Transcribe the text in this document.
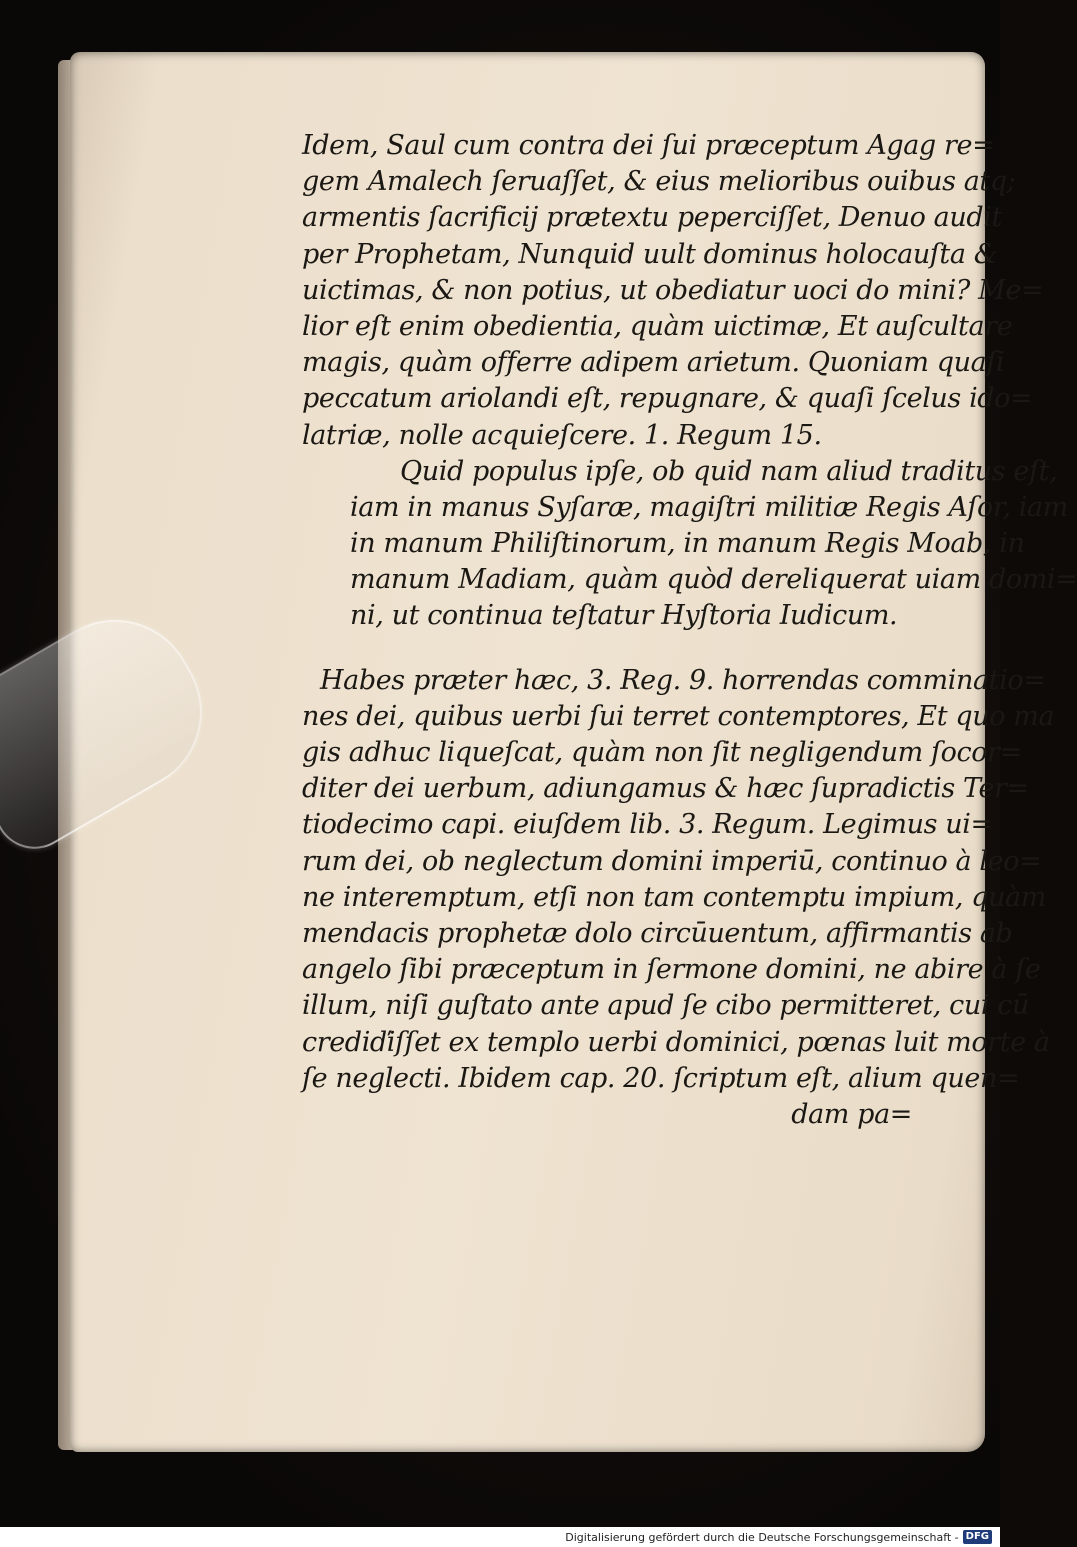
Idem, Saul cum contra dei ſui præceptum Agag re=
gem Amalech ſeruaſſet, & eius melioribus ouibus atq;
armentis ſacrificij prætextu peperciſſet, Denuo audit
per Prophetam, Nunquid uult dominus holocauſta &
uictimas, & non potius, ut obediatur uoci do mini? Me=
lior eſt enim obedientia, quàm uictimæ, Et auſcultare
magis, quàm offerre adipem arietum. Quoniam quaſi
peccatum ariolandi eſt, repugnare, & quaſi ſcelus ido=
latriæ, nolle acquieſcere. 1. Regum 15.
Quid populus ipſe, ob quid nam aliud traditus eſt,
iam in manus Syſaræ, magiſtri militiæ Regis Aſor, iam
in manum Philiſtinorum, in manum Regis Moab, in
manum Madiam, quàm quòd dereliquerat uiam domi=
ni, ut continua teſtatur Hyſtoria Iudicum.
Habes præter hæc, 3. Reg. 9. horrendas comminatio=
nes dei, quibus uerbi ſui terret contemptores, Et quo ma
gis adhuc liqueſcat, quàm non ſit negligendum ſocor=
diter dei uerbum, adiungamus & hæc ſupradictis Ter=
tiodecimo capi. eiuſdem lib. 3. Regum. Legimus ui=
rum dei, ob neglectum domini imperiū, continuo à leo=
ne interemptum, etſi non tam contemptu impium, quàm
mendacis prophetæ dolo circūuentum, affirmantis ab
angelo ſibi præceptum in ſermone domini, ne abire à ſe
illum, niſi guſtato ante apud ſe cibo permitteret, cui cū
crediďiſſet ex templo uerbi dominici, pœnas luit morte à
ſe neglecti. Ibidem cap. 20. ſcriptum eſt, alium quen=
dam pa=
Digitalisierung gefördert durch die Deutsche Forschungsgemeinschaft - DFG
